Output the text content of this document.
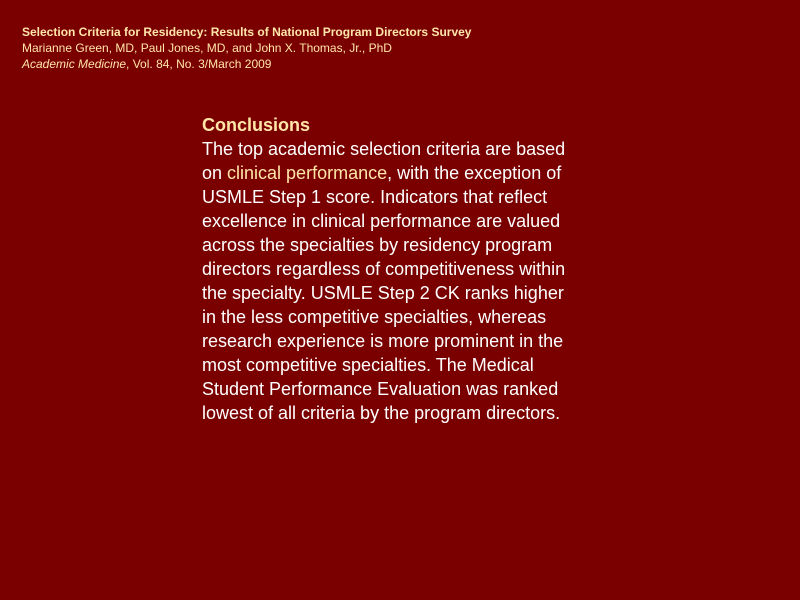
Selection Criteria for Residency: Results of National Program Directors Survey
Marianne Green, MD, Paul Jones, MD, and John X. Thomas, Jr., PhD
Academic Medicine, Vol. 84, No. 3/March 2009
Conclusions
The top academic selection criteria are based on clinical performance, with the exception of USMLE Step 1 score. Indicators that reflect excellence in clinical performance are valued across the specialties by residency program directors regardless of competitiveness within the specialty. USMLE Step 2 CK ranks higher in the less competitive specialties, whereas research experience is more prominent in the most competitive specialties. The Medical Student Performance Evaluation was ranked lowest of all criteria by the program directors.
